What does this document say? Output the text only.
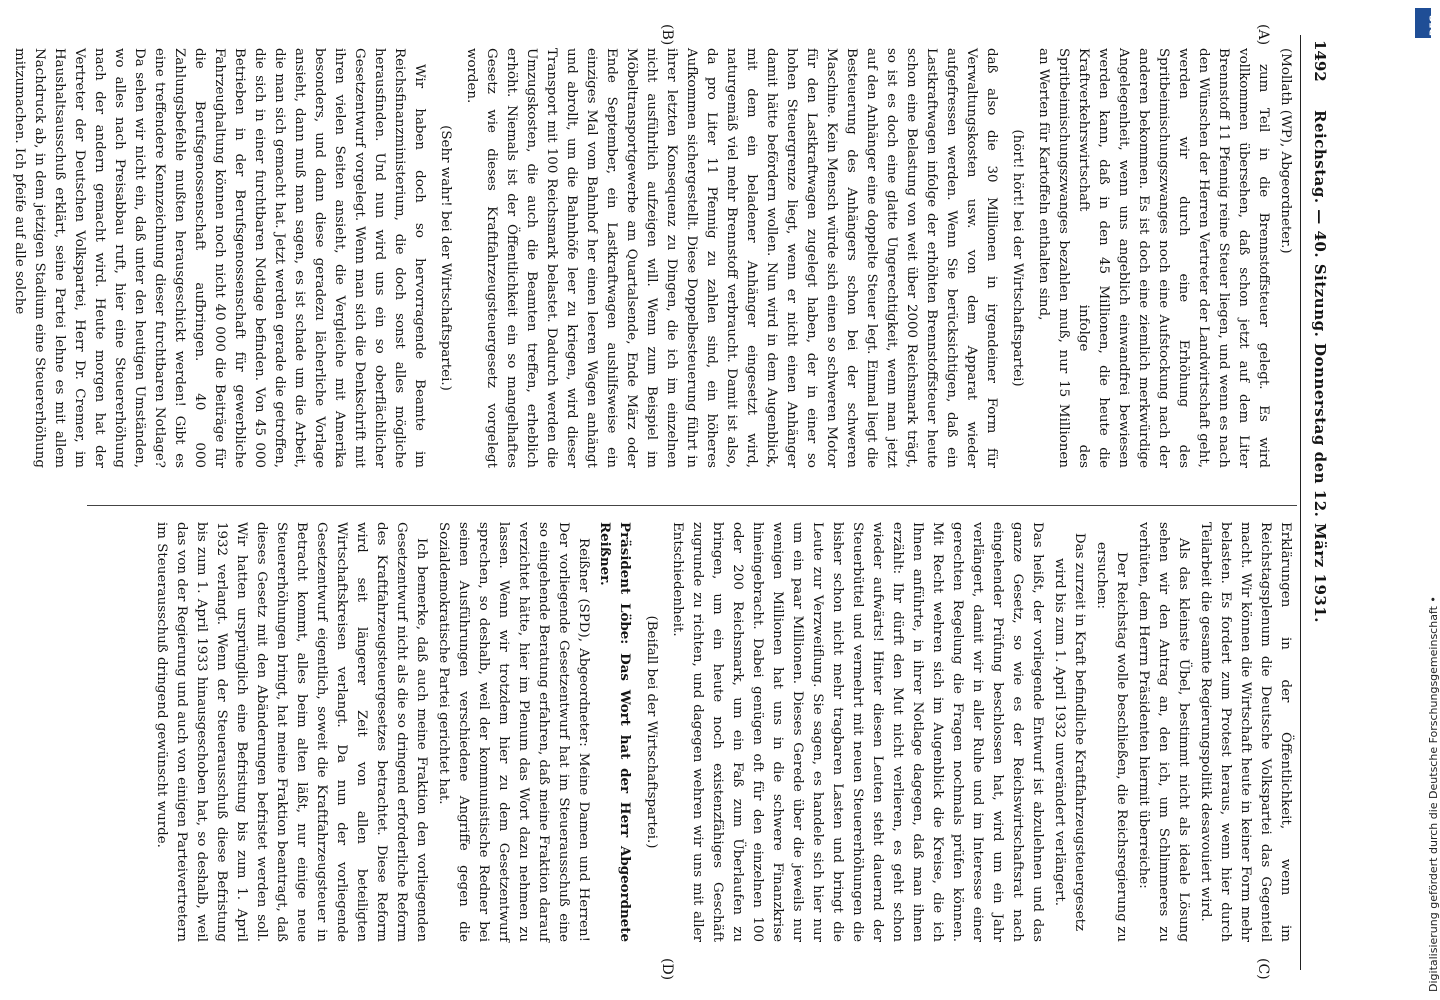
1492
Reichstag. — 40. Sitzung. Donnerstag den 12. März 1931.

(Mollath (WP), Abgeordneter.)

zum Teil in die Brennstoffsteuer gelegt. Es wird vollkommen übersehen, daß schon jetzt auf dem Liter Brennstoff 11 Pfennig reine Steuer liegen, und wenn es nach den Wünschen der Herren Vertreter der Landwirtschaft geht, werden wir durch eine Erhöhung des Spritbeimischungszwanges noch eine Aufstockung nach der anderen bekommen. Es ist doch eine ziemlich merkwürdige Angelegenheit, wenn uns angeblich einwandfrei bewiesen werden kann, daß in den 45 Millionen, die heute die Kraftverkehrswirtschaft infolge des Spritbeimischungszwanges bezahlen muß, nur 15 Millionen an Werten für Kartoffeln enthalten sind,

(hört! hört! bei der Wirtschaftspartei)

daß also die 30 Millionen in irgendeiner Form für Verwaltungskosten usw. von dem Apparat wieder aufgefressen werden. Wenn Sie berücksichtigen, daß ein Lastkraftwagen infolge der erhöhten Brennstoffsteuer heute schon eine Belastung von weit über 2000 Reichsmark trägt, so ist es doch eine glatte Ungerechtigkeit, wenn man jetzt auf den Anhänger eine doppelte Steuer legt. Einmal liegt die Besteuerung des Anhängers schon bei der schweren Maschine. Kein Mensch würde sich einen so schweren Motor für den Lastkraftwagen zugelegt haben, der in einer so hohen Steuergrenze liegt, wenn er nicht einen Anhänger damit hätte befördern wollen. Nun wird in dem Augenblick, mit dem ein beladener Anhänger eingesetzt wird, naturgemäß viel mehr Brennstoff verbraucht. Damit ist also, da pro Liter 11 Pfennig zu zahlen sind, ein höheres Aufkommen sichergestellt. Diese Doppelbesteuerung führt in ihrer letzten Konsequenz zu Dingen, die ich im einzelnen nicht ausführlich aufzeigen will. Wenn zum Beispiel im Möbeltransportgewerbe am Quartalsende, Ende März oder Ende September, ein Lastkraftwagen aushilfsweise ein einziges Mal vom Bahnhof her einen leeren Wagen anhängt und abrollt, um die Bahnhöfe leer zu kriegen, wird dieser Transport mit 100 Reichsmark belastet. Dadurch werden die Umzugskosten, die auch die Beamten treffen, erheblich erhöht. Niemals ist der Öffentlichkeit ein so mangelhaftes Gesetz wie dieses Kraftfahrzeugsteuergesetz vorgelegt worden.

(Sehr wahr! bei der Wirtschaftspartei.)

Wir haben doch so hervorragende Beamte im Reichsfinanzministerium, die doch sonst alles mögliche herausfinden. Und nun wird uns ein so oberflächlicher Gesetzentwurf vorgelegt. Wenn man sich die Denkschrift mit ihren vielen Seiten ansieht, die Vergleiche mit Amerika besonders, und dann diese geradezu lächerliche Vorlage ansieht, dann muß man sagen, es ist schade um die Arbeit, die man sich gemacht hat. Jetzt werden gerade die getroffen, die sich in einer furchtbaren Notlage befinden. Von 45 000 Betrieben in der Berufsgenossenschaft für gewerbliche Fahrzeughaltung können noch nicht 40 000 die Beiträge für die Berufsgenossenschaft aufbringen. 40 000 Zahlungsbefehle mußten herausgeschickt werden! Gibt es eine treffendere Kennzeichnung dieser furchtbaren Notlage? Da sehen wir nicht ein, daß unter den heutigen Umständen, wo alles nach Preisabbau ruft, hier eine Steuererhöhung nach der andern gemacht wird. Heute morgen hat der Vertreter der Deutschen Volkspartei, Herr Dr. Cremer, im Haushaltsausschuß erklärt, seine Partei lehne es mit allem Nachdruck ab, in dem jetzigen Stadium eine Steuererhöhung mitzumachen. Ich pfeife auf alle solche

Erklärungen in der Öffentlichkeit, wenn im Reichstagsplenum die Deutsche Volkspartei das Gegenteil macht. Wir können die Wirtschaft heute in keiner Form mehr belasten. Es fordert zum Protest heraus, wenn hier durch Teilarbeit die gesamte Regierungspolitik desavouiert wird.

Als das kleinste Übel, bestimmt nicht als ideale Lösung sehen wir den Antrag an, den ich, um Schlimmeres zu verhüten, dem Herrn Präsidenten hiermit überreiche:

Der Reichstag wolle beschließen, die Reichsregierung zu ersuchen:

Das zurzeit in Kraft befindliche Kraftfahrzeugsteuergesetz wird bis zum 1. April 1932 unverändert verlängert.

Das heißt, der vorliegende Entwurf ist abzulehnen und das ganze Gesetz, so wie es der Reichswirtschaftsrat nach eingehender Prüfung beschlossen hat, wird um ein Jahr verlängert, damit wir in aller Ruhe und im Interesse einer gerechten Regelung die Fragen nochmals prüfen können. Mit Recht wehren sich im Augenblick die Kreise, die ich Ihnen anführte, in ihrer Notlage dagegen, daß man ihnen erzählt: Ihr dürft den Mut nicht verlieren, es geht schon wieder aufwärts! Hinter diesen Leuten steht dauernd der Steuerbüttel und vermehrt mit neuen Steuererhöhungen die bisher schon nicht mehr tragbaren Lasten und bringt die Leute zur Verzweiflung. Sie sagen, es handele sich hier nur um ein paar Millionen. Dieses Gerede über die jeweils nur wenigen Millionen hat uns in die schwere Finanzkrise hineingebracht. Dabei genügen oft für den einzelnen 100 oder 200 Reichsmark, um ein Faß zum Überlaufen zu bringen, um ein heute noch existenzfähiges Geschäft zugrunde zu richten, und dagegen wehren wir uns mit aller Entschiedenheit.

(Beifall bei der Wirtschaftspartei.)

Präsident Löbe: Das Wort hat der Herr Abgeordnete Reißner.

Reißner (SPD), Abgeordneter: Meine Damen und Herren! Der vorliegende Gesetzentwurf hat im Steuerausschuß eine so eingehende Beratung erfahren, daß meine Fraktion darauf verzichtet hätte, hier im Plenum das Wort dazu nehmen zu lassen. Wenn wir trotzdem hier zu dem Gesetzentwurf sprechen, so deshalb, weil der kommunistische Redner bei seinen Ausführungen verschiedene Angriffe gegen die Sozialdemokratische Partei gerichtet hat.

Ich bemerke, daß auch meine Fraktion den vorliegenden Gesetzentwurf nicht als die so dringend erforderliche Reform des Kraftfahrzeugsteuergesetzes betrachtet. Diese Reform wird seit längerer Zeit von allen beteiligten Wirtschaftskreisen verlangt. Da nun der vorliegende Gesetzentwurf eigentlich, soweit die Kraftfahrzeugsteuer in Betracht kommt, alles beim alten läßt, nur einige neue Steuererhöhungen bringt, hat meine Fraktion beantragt, daß dieses Gesetz mit den Abänderungen befristet werden soll. Wir hatten ursprünglich eine Befristung bis zum 1. April 1932 verlangt. Wenn der Steuerausschuß diese Befristung bis zum 1. April 1933 hinausgeschoben hat, so deshalb, weil das von der Regierung und auch von einigen Parteivertretern im Steuerausschuß dringend gewünscht wurde.

(A)
(B)
(C)
(D)
DFG
Digitalisierung gefördert durch die Deutsche Forschungsgemeinschaft •
